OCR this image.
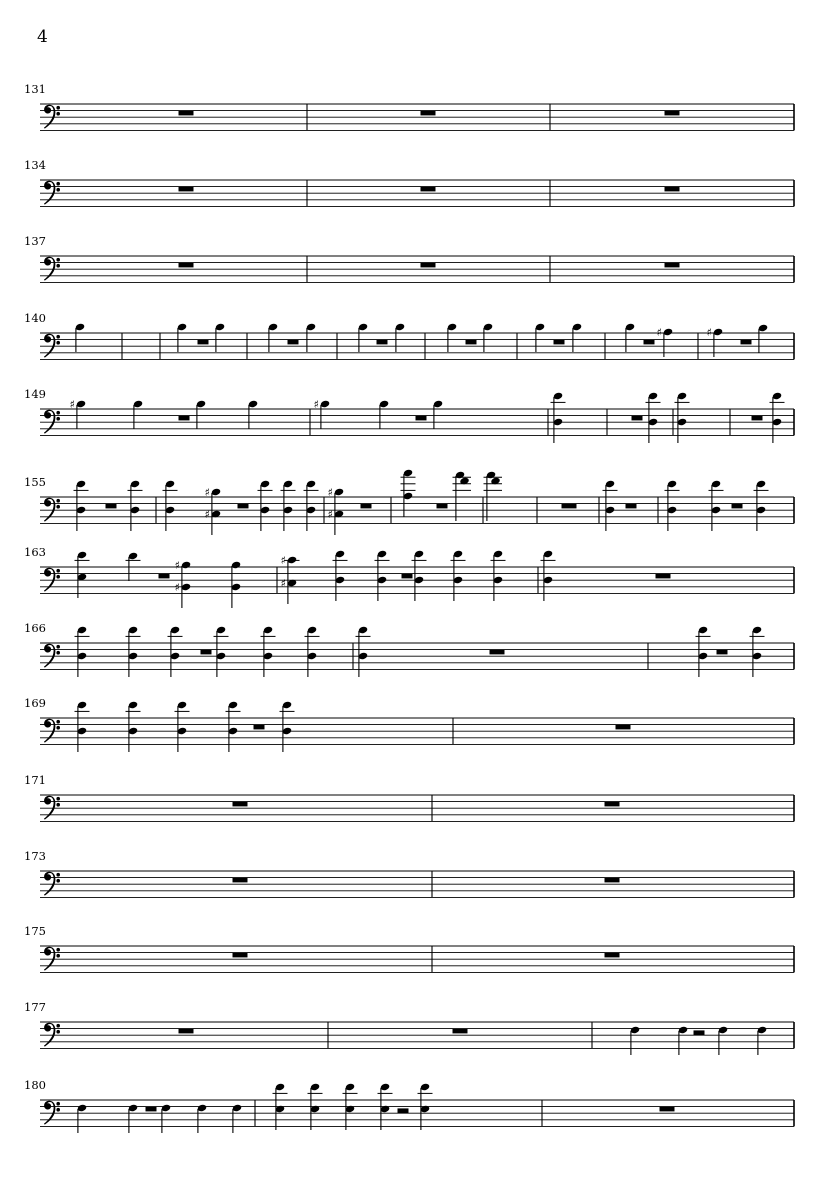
4
131
134
137
140
♯	♯
149
♯	♯
155
♯
♯
♯
♯
163
♯
♯
♯
♯
166
169
171
173
175
177
180
